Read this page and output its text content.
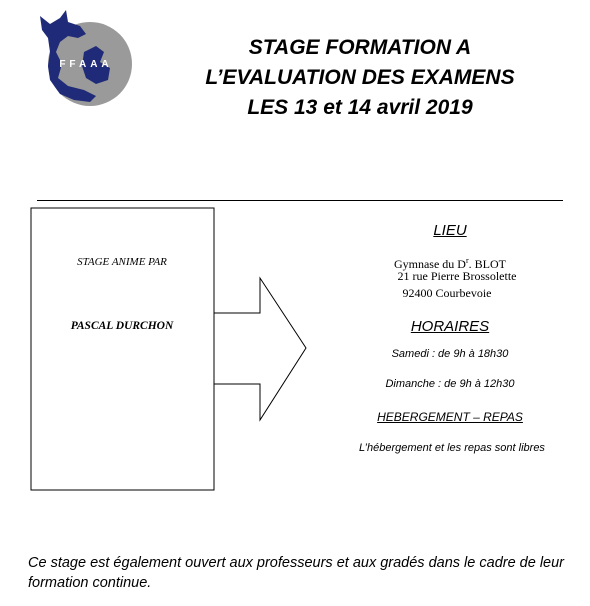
FFAAA
STAGE FORMATION A
L’EVALUATION DES EXAMENS
LES 13 et 14 avril 2019
STAGE ANIME PAR
PASCAL DURCHON
LIEU
Gymnase du $D^r$. BLOT
21 rue Pierre Brossolette
92400 Courbevoie
HORAIRES
Samedi : de 9h à 18h30
Dimanche : de 9h à 12h30
HEBERGEMENT – REPAS
L’hébergement et les repas sont libres
Ce stage est également ouvert aux professeurs et aux gradés dans le cadre de leur formation continue.
